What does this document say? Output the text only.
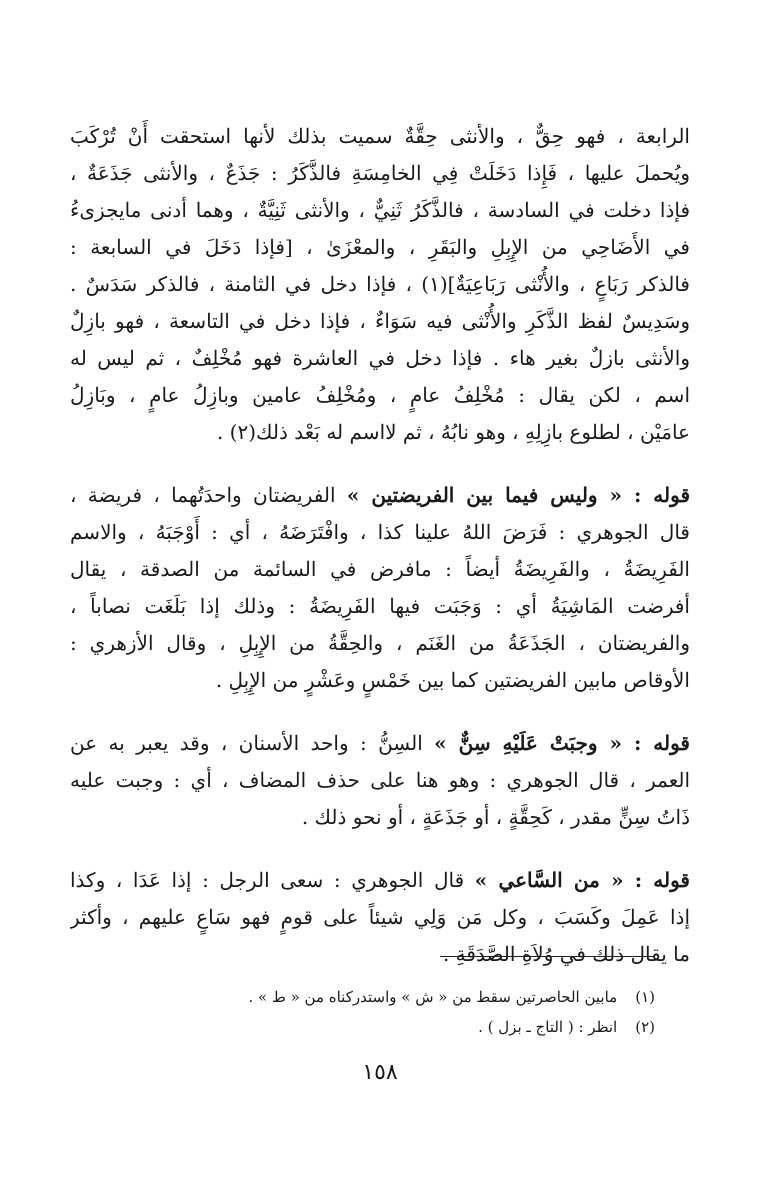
الرابعة ، فهو حِقٌّ ، والأنثى حِقَّةٌ سميت بذلك لأنها استحقت أَنْ تُرْكَبَ
ويُحملَ عليها ، فَإِذا دَخَلَتْ فِي الخامِسَةِ فالذَّكَرُ : جَذَعٌ ، والأنثى جَذَعَةٌ ،
فإذا دخلت في السادسة ، فالذَّكَرُ ثَنِيٌّ ، والأنثى ثَنِيَّةٌ ، وهما أدنى مايجزىءُ
في الأَضَاحِي من الإِبِلِ والبَقَرِ ، والمعْزَىٰ ، [فإذا دَخَلَ في السابعة :
فالذكر رَبَاعٍ ، والأُنْثى رَبَاعِيَةٌ](١) ، فإذا دخل في الثامنة ، فالذكر سَدَسٌ .
وسَدِيسٌ لفظ الذَّكَرِ والأُنْثى فيه سَوَاءٌ ، فإذا دخل في التاسعة ، فهو بازِلٌ
والأنثى بازلٌ بغير هاء . فإذا دخل في العاشرة فهو مُخْلِفٌ ، ثم ليس له
اسم ، لكن يقال : مُخْلِفُ عامٍ ، ومُخْلِفُ عامين وبازِلُ عامٍ ، وبَازِلُ
عامَيْن ، لطلوع بازِلِهِ ، وهو نابُهُ ، ثم لااسم له بَعْد ذلك(٢) .
قوله : « وليس فيما بين الفريضتين » الفريضتان واحدَتُهما ، فريضة ،
قال الجوهري : فَرَضَ اللهُ علينا كذا ، وافْتَرَضَهُ ، أي : أَوْجَبَهُ ، والاسم
الفَرِيضَةُ ، والفَرِيضَةُ أيضاً : مافرض في السائمة من الصدقة ، يقال
أفرضت المَاشِيَةُ أي : وَجَبَت فيها الفَرِيضَةُ : وذلك إذا بَلَغَت نصاباً ،
والفريضتان ، الجَذَعَةُ من الغَنَم ، والحِقَّةُ من الإِبِلِ ، وقال الأزهري :
الأوقاص مابين الفريضتين كما بين خَمْسٍ وعَشْرٍ من الإِبِلِ .
قوله : « وجبَتْ عَلَيْهِ سِنٌّ » السِنُّ : واحد الأسنان ، وقد يعبر به عن
العمر ، قال الجوهري : وهو هنا على حذف المضاف ، أي : وجبت عليه
ذَاتُ سِنٍّ مقدر ، كَحِقَّةٍ ، أو جَذَعَةٍ ، أو نحو ذلك .
قوله : « من السَّاعي » قال الجوهري : سعى الرجل : إذا عَدَا ، وكذا
إذا عَمِلَ وكَسَبَ ، وكل مَن وَلِي شيئاً على قومٍ فهو سَاعٍ عليهم ، وأكثر
ما يقال ذلك في وُلاَةِ الصَّدَقَةِ .
(١)مابين الحاصرتين سقط من « ش » واستدركناه من « ط » .
(٢)انظر : ( التاج ـ بزل ) .
١٥٨
